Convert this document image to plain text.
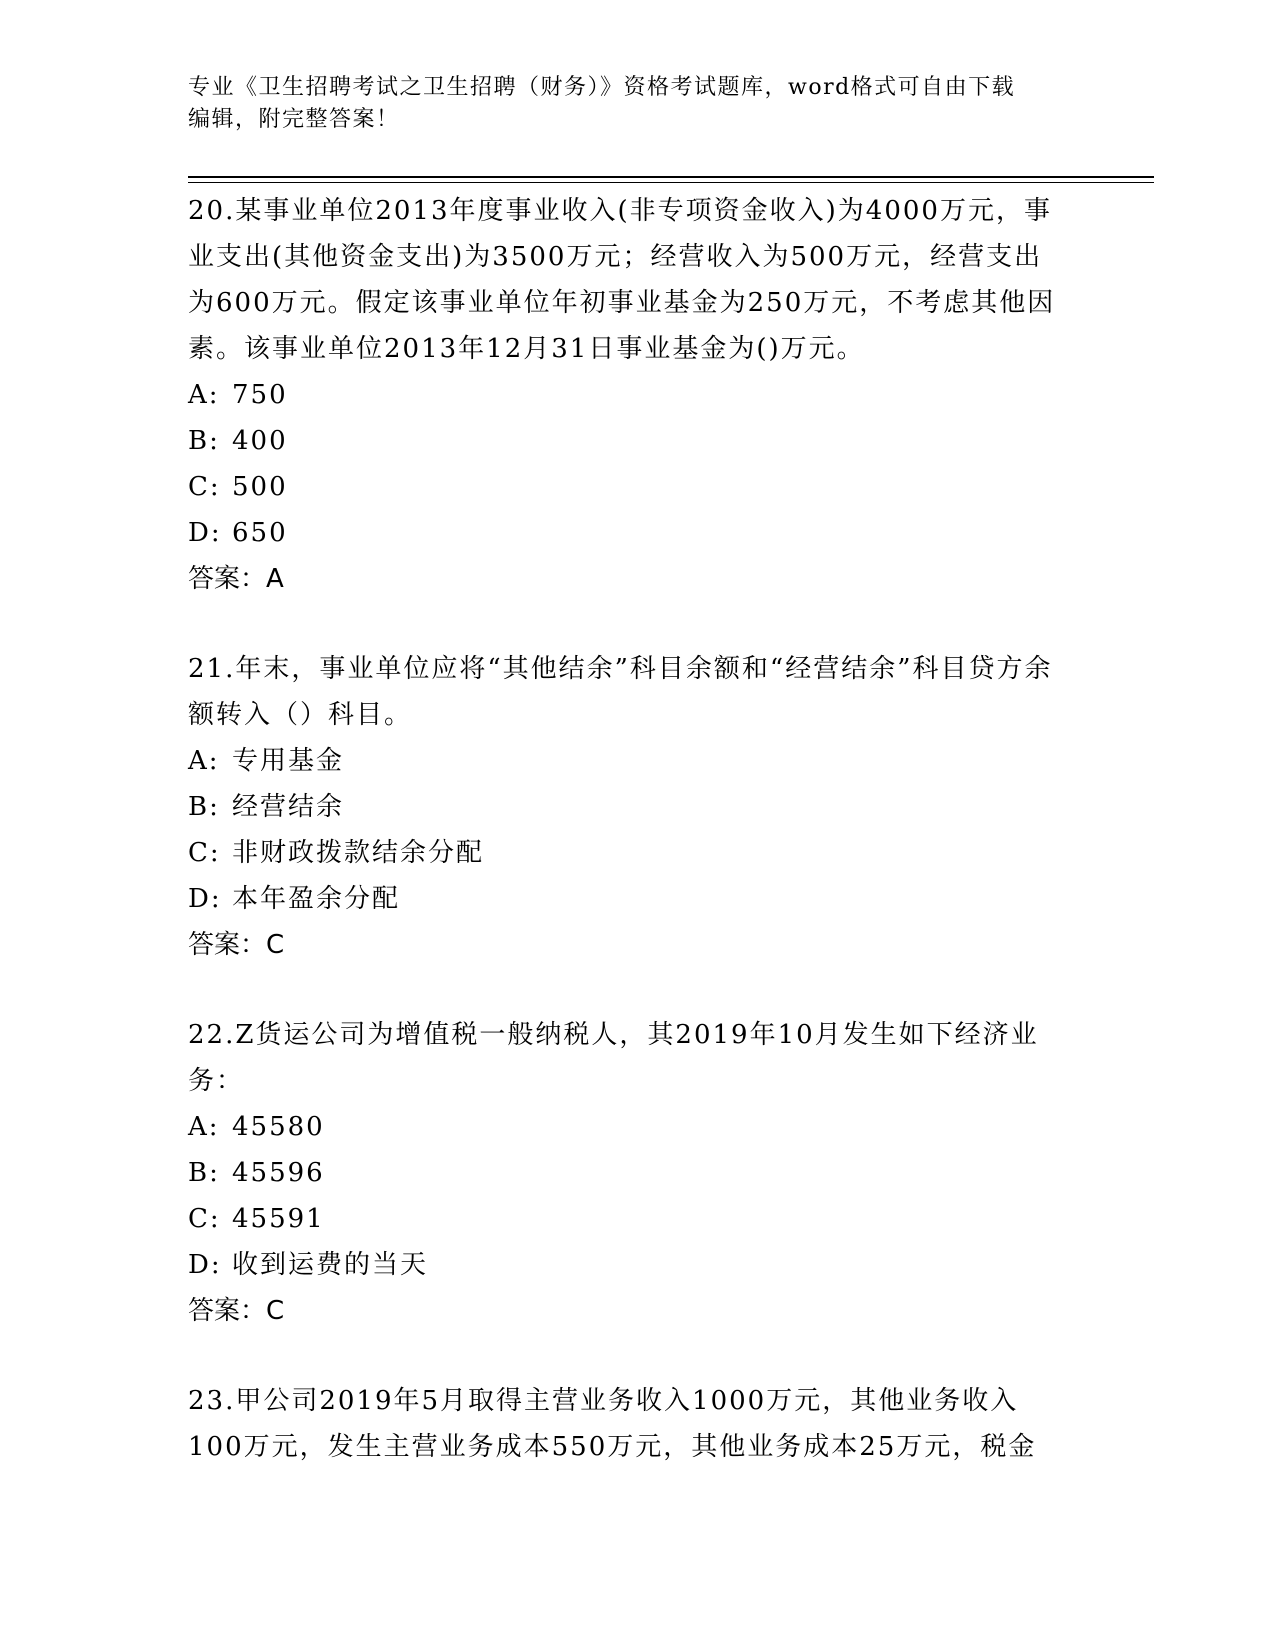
专业《卫生招聘考试之卫生招聘（财务）》资格考试题库，word格式可自由下载
编辑，附完整答案！

20.某事业单位2013年度事业收入(非专项资金收入)为4000万元，事业支出(其他资金支出)为3500万元；经营收入为500万元，经营支出为600万元。假定该事业单位年初事业基金为250万元，不考虑其他因素。该事业单位2013年12月31日事业基金为()万元。

A: 750
B: 400
C: 500
D: 650

答案：A

21.年末，事业单位应将“其他结余”科目余额和“经营结余”科目贷方余额转入（）科目。

A: 专用基金
B: 经营结余
C: 非财政拨款结余分配
D: 本年盈余分配

答案：C

22.Z货运公司为增值税一般纳税人，其2019年10月发生如下经济业务：

A: 45580
B: 45596
C: 45591
D: 收到运费的当天

答案：C

23.甲公司2019年5月取得主营业务收入1000万元，其他业务收入100万元，发生主营业务成本550万元，其他业务成本25万元，税金
